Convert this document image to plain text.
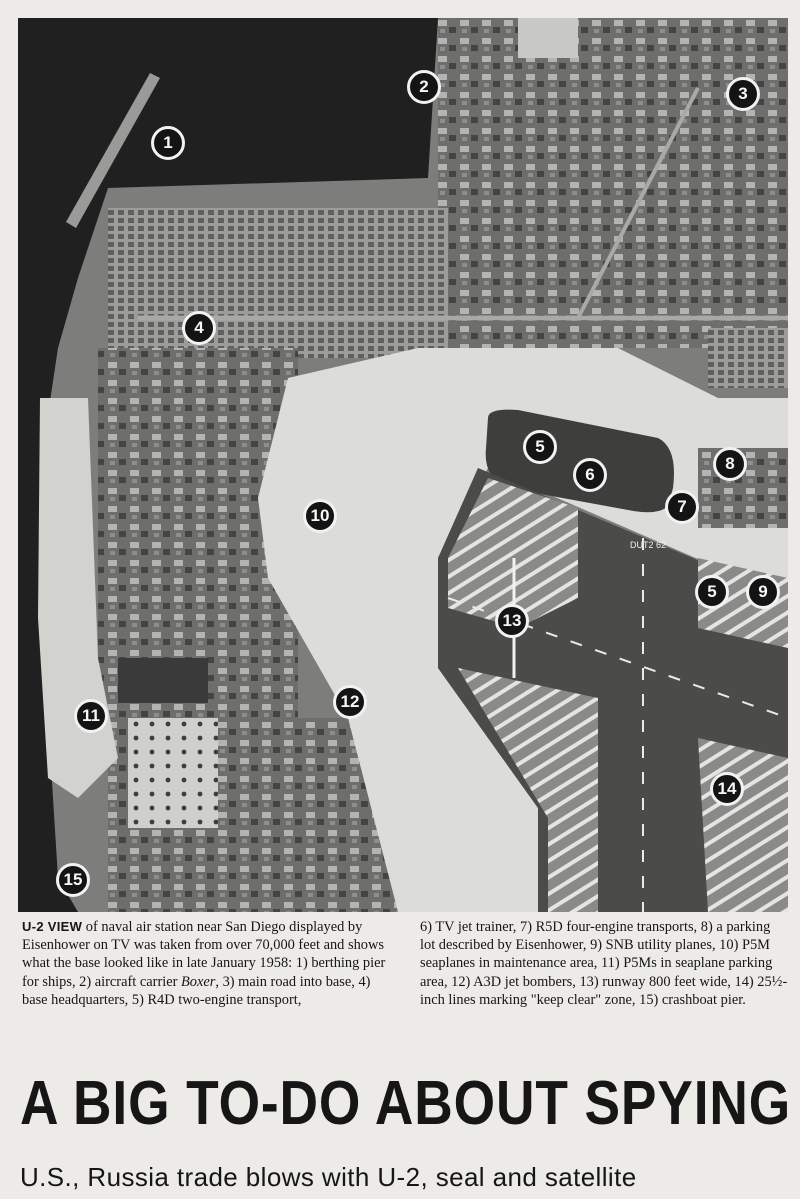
DUT2 62
1
2	3
4
5
6
7
8
5	9
10
13
11
12
14
15
U-2 VIEW of naval air station near San Diego displayed by Eisenhower on TV was taken from over 70,000 feet and shows what the base looked like in late January 1958: 1) berthing pier for ships, 2) aircraft carrier Boxer, 3) main road into base, 4) base headquarters, 5) R4D two-engine transport,
6) TV jet trainer, 7) R5D four-engine transports, 8) a parking lot described by Eisenhower, 9) SNB utility planes, 10) P5M seaplanes in maintenance area, 11) P5Ms in seaplane parking area, 12) A3D jet bombers, 13) runway 800 feet wide, 14) 25½-inch lines marking "keep clear" zone, 15) crashboat pier.
A BIG TO-DO ABOUT SPYING
U.S., Russia trade blows with U-2, seal and satellite
